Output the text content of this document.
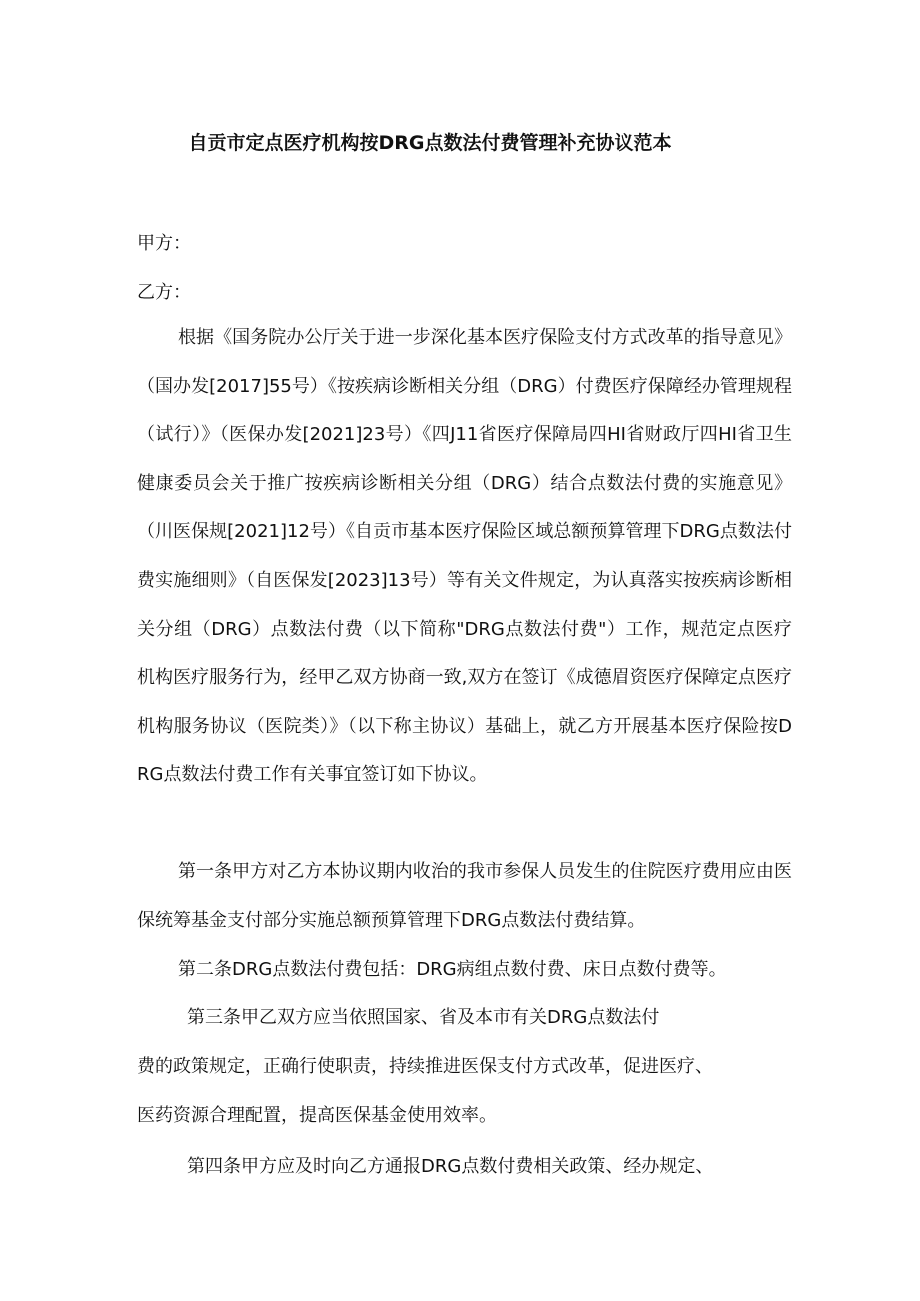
自贡市定点医疗机构按DRG点数法付费管理补充协议范本
甲方：
乙方：

根据《国务院办公厅关于进一步深化基本医疗保险支付方式改革的指导意见》（国办发[2017]55号）《按疾病诊断相关分组（DRG）付费医疗保障经办管理规程（试行）》（医保办发[2021]23号）《四J11省医疗保障局四HI省财政厅四HI省卫生健康委员会关于推广按疾病诊断相关分组（DRG）结合点数法付费的实施意见》（川医保规[2021]12号）《自贡市基本医疗保险区域总额预算管理下DRG点数法付费实施细则》（自医保发[2023]13号）等有关文件规定，为认真落实按疾病诊断相关分组（DRG）点数法付费（以下简称"DRG点数法付费"）工作，规范定点医疗机构医疗服务行为，经甲乙双方协商一致,双方在签订《成德眉资医疗保障定点医疗机构服务协议（医院类）》（以下称主协议）基础上，就乙方开展基本医疗保险按DRG点数法付费工作有关事宜签订如下协议。

第一条甲方对乙方本协议期内收治的我市参保人员发生的住院医疗费用应由医保统筹基金支付部分实施总额预算管理下DRG点数法付费结算。

第二条DRG点数法付费包括：DRG病组点数付费、床日点数付费等。

第三条甲乙双方应当依照国家、省及本市有关DRG点数法付
费的政策规定，正确行使职责，持续推进医保支付方式改革，促进医疗、
医药资源合理配置，提高医保基金使用效率。
第四条甲方应及时向乙方通报DRG点数付费相关政策、经办规定、
